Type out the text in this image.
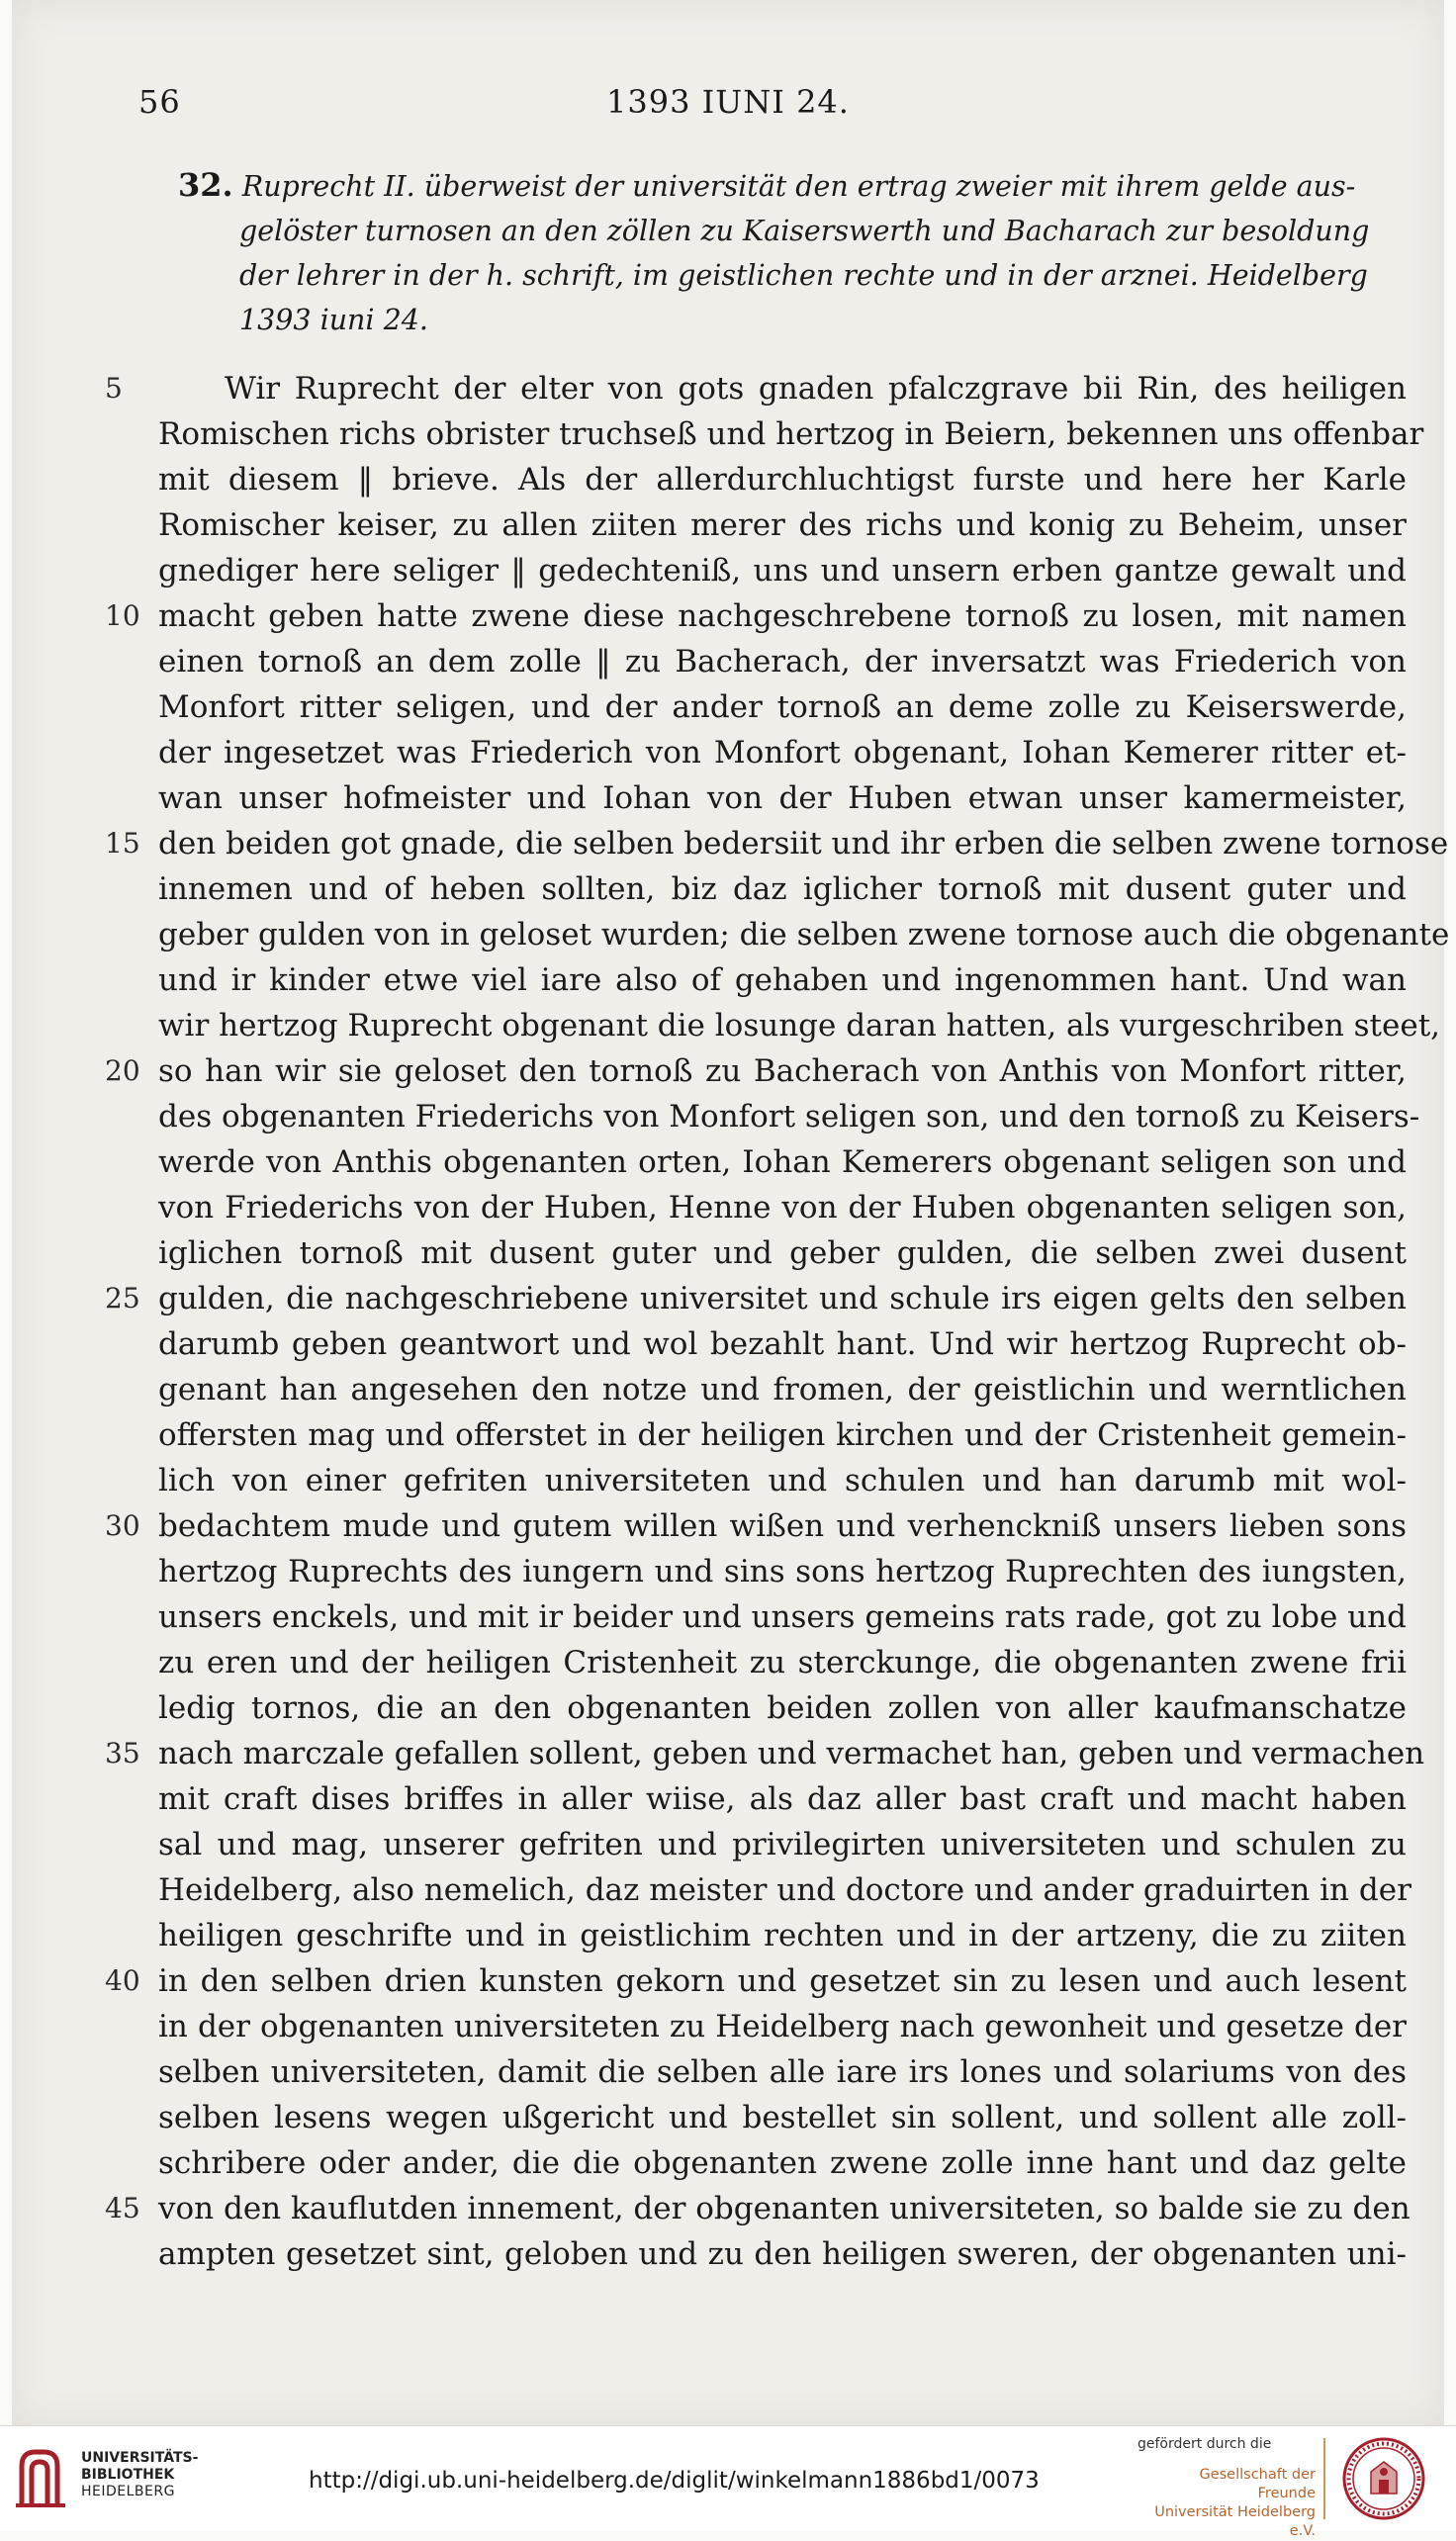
56	1393 IUNI 24.
32. Ruprecht II. überweist der universität den ertrag zweier mit ihrem gelde aus-
gelöster turnosen an den zöllen zu Kaiserswerth und Bacharach zur besoldung
der lehrer in der h. schrift, im geistlichen rechte und in der arznei. Heidelberg
1393 iuni 24.
5	Wir Ruprecht der elter von gots gnaden pfalczgrave bii Rin, des heiligen
Romischen richs obrister truchseß und hertzog in Beiern, bekennen uns offenbar
mit diesem ‖ brieve. Als der allerdurchluchtigst furste und here her Karle
Romischer keiser, zu allen ziiten merer des richs und konig zu Beheim, unser
gnediger here seliger ‖ gedechteniß, uns und unsern erben gantze gewalt und
10 macht geben hatte zwene diese nachgeschrebene tornoß zu losen, mit namen
einen tornoß an dem zolle ‖ zu Bacherach, der inversatzt was Friederich von
Monfort ritter seligen, und der ander tornoß an deme zolle zu Keiserswerde,
der ingesetzet was Friederich von Monfort obgenant, Iohan Kemerer ritter et-
wan unser hofmeister und Iohan von der Huben etwan unser kamermeister,
15 den beiden got gnade, die selben bedersiit und ihr erben die selben zwene tornose
innemen und of heben sollten, biz daz iglicher tornoß mit dusent guter und
geber gulden von in geloset wurden; die selben zwene tornose auch die obgenante
und ir kinder etwe viel iare also of gehaben und ingenommen hant. Und wan
wir hertzog Ruprecht obgenant die losunge daran hatten, als vurgeschriben steet,
20 so han wir sie geloset den tornoß zu Bacherach von Anthis von Monfort ritter,
des obgenanten Friederichs von Monfort seligen son, und den tornoß zu Keisers-
werde von Anthis obgenanten orten, Iohan Kemerers obgenant seligen son und
von Friederichs von der Huben, Henne von der Huben obgenanten seligen son,
iglichen tornoß mit dusent guter und geber gulden, die selben zwei dusent
25 gulden, die nachgeschriebene universitet und schule irs eigen gelts den selben
darumb geben geantwort und wol bezahlt hant. Und wir hertzog Ruprecht ob-
genant han angesehen den notze und fromen, der geistlichin und werntlichen
offersten mag und offerstet in der heiligen kirchen und der Cristenheit gemein-
lich von einer gefriten universiteten und schulen und han darumb mit wol-
30 bedachtem mude und gutem willen wißen und verhenckniß unsers lieben sons
hertzog Ruprechts des iungern und sins sons hertzog Ruprechten des iungsten,
unsers enckels, und mit ir beider und unsers gemeins rats rade, got zu lobe und
zu eren und der heiligen Cristenheit zu sterckunge, die obgenanten zwene frii
ledig tornos, die an den obgenanten beiden zollen von aller kaufmanschatze
35 nach marczale gefallen sollent, geben und vermachet han, geben und vermachen
mit craft dises briffes in aller wiise, als daz aller bast craft und macht haben
sal und mag, unserer gefriten und privilegirten universiteten und schulen zu
Heidelberg, also nemelich, daz meister und doctore und ander graduirten in der
heiligen geschrifte und in geistlichim rechten und in der artzeny, die zu ziiten
40 in den selben drien kunsten gekorn und gesetzet sin zu lesen und auch lesent
in der obgenanten universiteten zu Heidelberg nach gewonheit und gesetze der
selben universiteten, damit die selben alle iare irs lones und solariums von des
selben lesens wegen ußgericht und bestellet sin sollent, und sollent alle zoll-
schribere oder ander, die die obgenanten zwene zolle inne hant und daz gelte
45 von den kauflutden innement, der obgenanten universiteten, so balde sie zu den
ampten gesetzet sint, geloben und zu den heiligen sweren, der obgenanten uni-
UNIVERSITÄTS-
BIBLIOTHEK
HEIDELBERG	http://digi.ub.uni-heidelberg.de/diglit/winkelmann1886bd1/0073
gefördert durch die
Gesellschaft der Freunde
Universität Heidelberg e.V.
